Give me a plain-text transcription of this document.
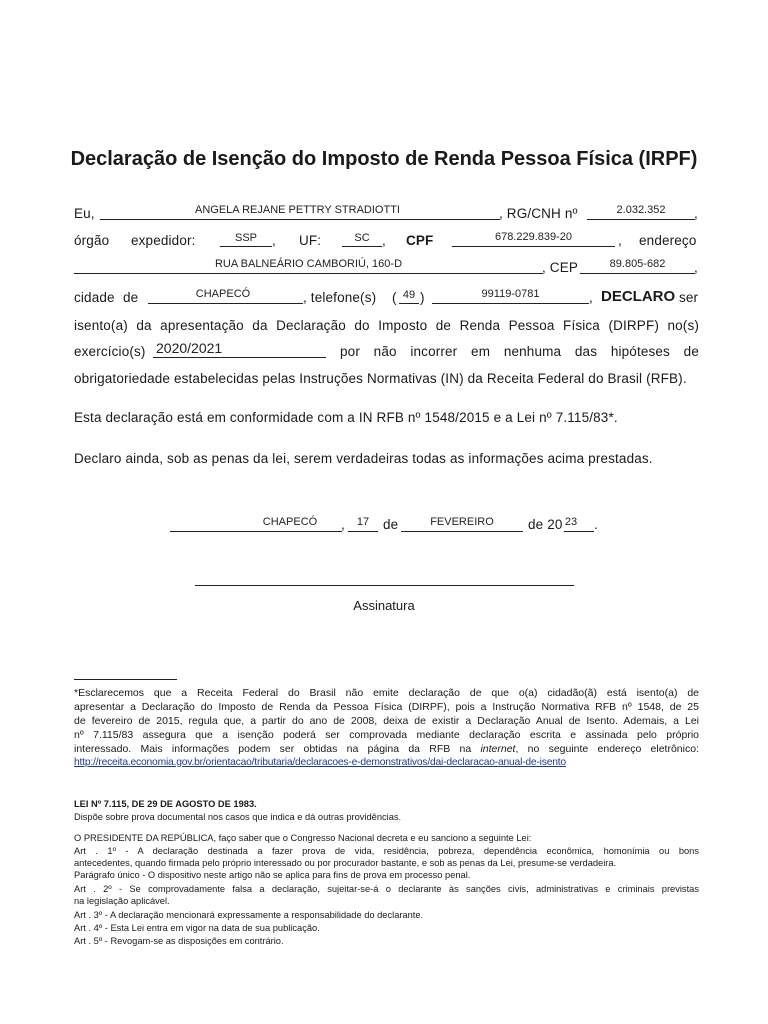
Declaração de Isenção do Imposto de Renda Pessoa Física (IRPF)
Eu,	ANGELA REJANE PETTRY STRADIOTTI	, RG/CNH nº	2.032.352	,
órgão expedidor:	SSP	, UF:	SC , CPF	678.229.839-20	, endereço
RUA BALNEÁRIO CAMBORIÚ, 160-D	, CEP	89.805-682	,
cidade de	CHAPECÓ	, telefone(s) ( 49 )	99119-0781	, DECLARO ser
isento(a) da apresentação da Declaração do Imposto de Renda Pessoa Física (DIRPF) no(s)
exercício(s) 2020/2021	por não incorrer em nenhuma das hipóteses de
obrigatoriedade estabelecidas pelas Instruções Normativas (IN) da Receita Federal do Brasil (RFB).
Esta declaração está em conformidade com a IN RFB nº 1548/2015 e a Lei nº 7.115/83*.
Declaro ainda, sob as penas da lei, serem verdadeiras todas as informações acima prestadas.
CHAPECÓ	,	17	de	FEVEREIRO	de 20 23	.
Assinatura
*Esclarecemos que a Receita Federal do Brasil não emite declaração de que o(a) cidadão(ã) está isento(a) de
apresentar a Declaração do Imposto de Renda da Pessoa Física (DIRPF), pois a Instrução Normativa RFB nº 1548, de 25
de fevereiro de 2015, regula que, a partir do ano de 2008, deixa de existir a Declaração Anual de Isento. Ademais, a Lei
nº 7.115/83 assegura que a isenção poderá ser comprovada mediante declaração escrita e assinada pelo próprio
interessado. Mais informações podem ser obtidas na página da RFB na internet, no seguinte endereço eletrônico:
http://receita.economia.gov.br/orientacao/tributaria/declaracoes-e-demonstrativos/dai-declaracao-anual-de-isento
LEI Nº 7.115, DE 29 DE AGOSTO DE 1983.
Dispõe sobre prova documental nos casos que indica e dá outras providências.
O PRESIDENTE DA REPÚBLICA, faço saber que o Congresso Nacional decreta e eu sanciono a seguinte Lei:
Art . 1º - A declaração destinada a fazer prova de vida, residência, pobreza, dependência econômica, homonímia ou bons
antecedentes, quando firmada pelo próprio interessado ou por procurador bastante, e sob as penas da Lei, presume-se verdadeira.
Parágrafo único - O dispositivo neste artigo não se aplica para fins de prova em processo penal.
Art . 2º - Se comprovadamente falsa a declaração, sujeitar-se-á o declarante às sanções civis, administrativas e criminais previstas
na legislação aplicável.
Art . 3º - A declaração mencionará expressamente a responsabilidade do declarante.
Art . 4º - Esta Lei entra em vigor na data de sua publicação.
Art . 5º - Revogam-se as disposições em contrário.
